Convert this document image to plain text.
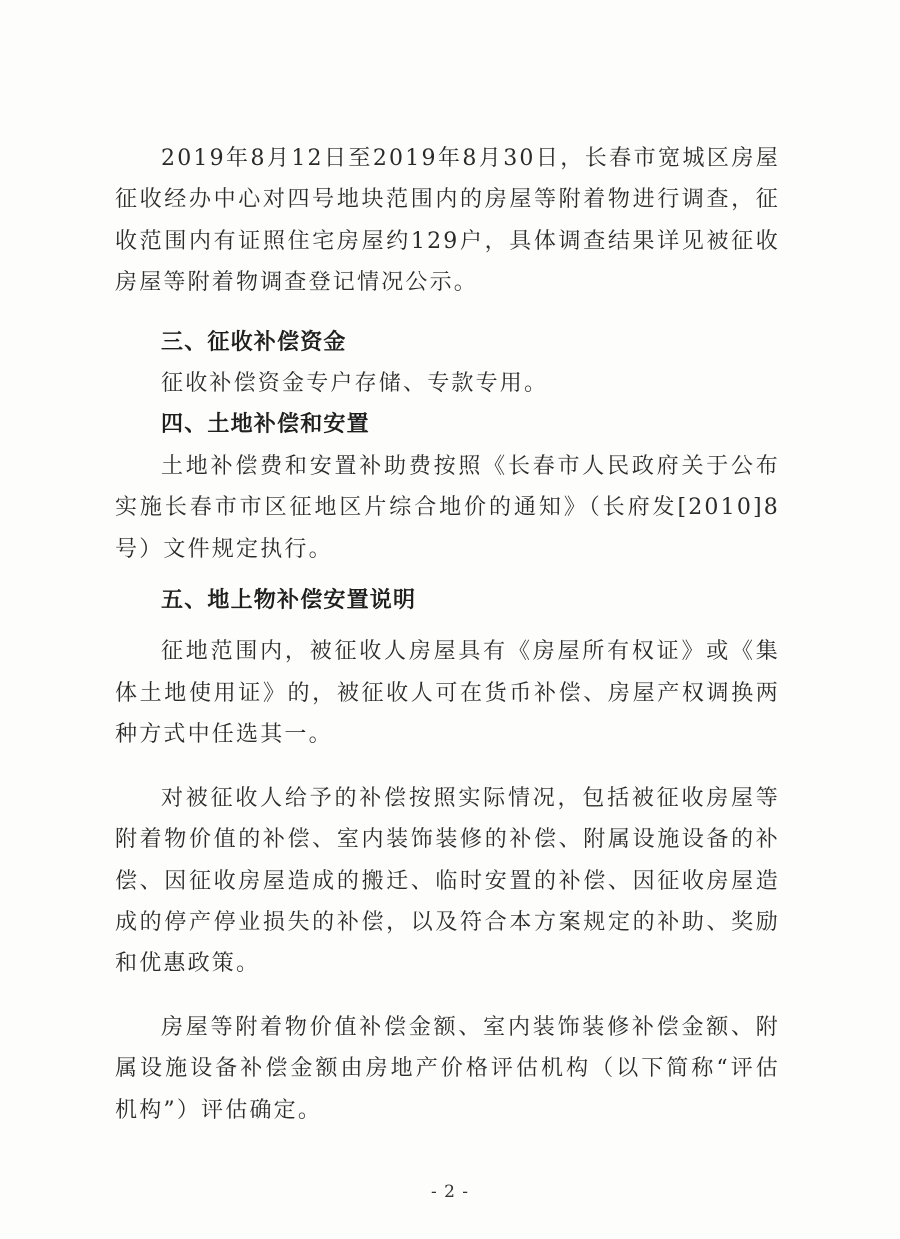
2019年8月12日至2019年8月30日，长春市宽城区房屋征收经办中心对四号地块范围内的房屋等附着物进行调查，征收范围内有证照住宅房屋约129户，具体调查结果详见被征收房屋等附着物调查登记情况公示。

三、征收补偿资金

征收补偿资金专户存储、专款专用。

四、土地补偿和安置

土地补偿费和安置补助费按照《长春市人民政府关于公布实施长春市市区征地区片综合地价的通知》（长府发[2010]8号）文件规定执行。

五、地上物补偿安置说明

征地范围内，被征收人房屋具有《房屋所有权证》或《集体土地使用证》的，被征收人可在货币补偿、房屋产权调换两种方式中任选其一。

对被征收人给予的补偿按照实际情况，包括被征收房屋等附着物价值的补偿、室内装饰装修的补偿、附属设施设备的补偿、因征收房屋造成的搬迁、临时安置的补偿、因征收房屋造成的停产停业损失的补偿，以及符合本方案规定的补助、奖励和优惠政策。

房屋等附着物价值补偿金额、室内装饰装修补偿金额、附属设施设备补偿金额由房地产价格评估机构（以下简称“评估机构”）评估确定。

- 2 -
